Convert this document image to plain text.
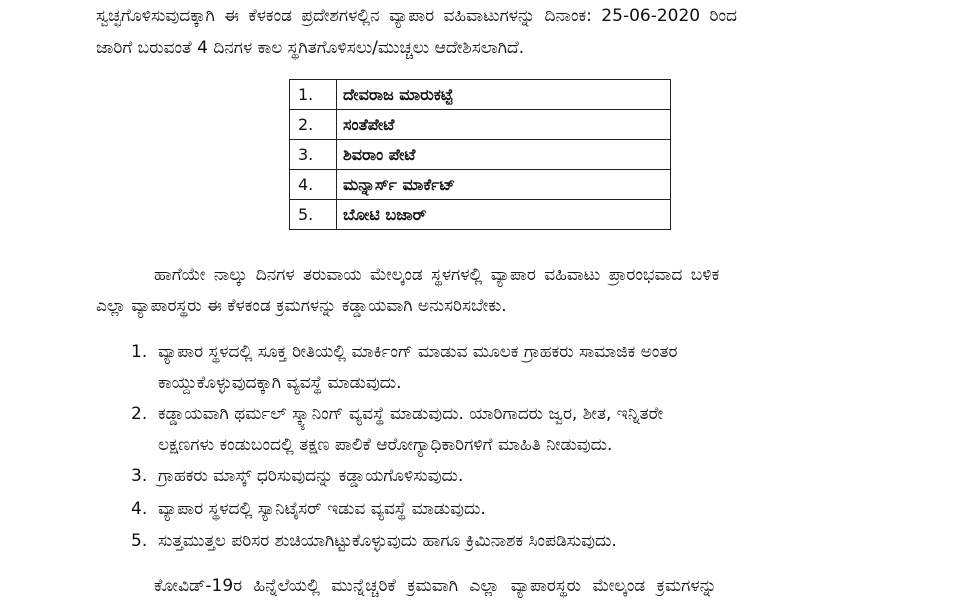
ಸ್ವಚ್ಛಗೊಳಿಸುವುದಕ್ಕಾಗಿ ಈ ಕೆಳಕಂಡ ಪ್ರದೇಶಗಳಲ್ಲಿನ ವ್ಯಾಪಾರ ವಹಿವಾಟುಗಳನ್ನು ದಿನಾಂಕ: 25-06-2020 ರಿಂದ
ಜಾರಿಗೆ ಬರುವಂತೆ 4 ದಿನಗಳ ಕಾಲ ಸ್ಥಗಿತಗೊಳಿಸಲು/ಮುಚ್ಚಲು ಆದೇಶಿಸಲಾಗಿದೆ.
1.	ದೇವರಾಜ ಮಾರುಕಟ್ಟೆ
2.	ಸಂತೆಪೇಟೆ
3.	ಶಿವರಾಂ ಪೇಟೆ
4.	ಮನ್ನಾರ್ಸ್ ಮಾರ್ಕೆಟ್
5.	ಬೋಟಿ ಬಜಾರ್
ಹಾಗೆಯೇ ನಾಲ್ಕು ದಿನಗಳ ತರುವಾಯ ಮೇಲ್ಕಂಡ ಸ್ಥಳಗಳಲ್ಲಿ ವ್ಯಾಪಾರ ವಹಿವಾಟು ಪ್ರಾರಂಭವಾದ ಬಳಿಕ
ಎಲ್ಲಾ ವ್ಯಾಪಾರಸ್ಥರು ಈ ಕೆಳಕಂಡ ಕ್ರಮಗಳನ್ನು ಕಡ್ಡಾಯವಾಗಿ ಅನುಸರಿಸಬೇಕು.
1. ವ್ಯಾಪಾರ ಸ್ಥಳದಲ್ಲಿ ಸೂಕ್ತ ರೀತಿಯಲ್ಲಿ ಮಾರ್ಕಿಂಗ್ ಮಾಡುವ ಮೂಲಕ ಗ್ರಾಹಕರು ಸಾಮಾಜಿಕ ಅಂತರ
ಕಾಯ್ದುಕೊಳ್ಳುವುದಕ್ಕಾಗಿ ವ್ಯವಸ್ಥೆ ಮಾಡುವುದು.
2. ಕಡ್ಡಾಯವಾಗಿ ಥರ್ಮಲ್ ಸ್ಕ್ಯಾನಿಂಗ್ ವ್ಯವಸ್ಥೆ ಮಾಡುವುದು. ಯಾರಿಗಾದರು ಜ್ವರ, ಶೀತ, ಇನ್ನಿತರೇ
ಲಕ್ಷಣಗಳು ಕಂಡುಬಂದಲ್ಲಿ ತಕ್ಷಣ ಪಾಲಿಕೆ ಆರೋಗ್ಯಾಧಿಕಾರಿಗಳಿಗೆ ಮಾಹಿತಿ ನೀಡುವುದು.
3. ಗ್ರಾಹಕರು ಮಾಸ್ಕ್ ಧರಿಸುವುದನ್ನು ಕಡ್ಡಾಯಗೊಳಿಸುವುದು.
4. ವ್ಯಾಪಾರ ಸ್ಥಳದಲ್ಲಿ ಸ್ಯಾನಿಟೈಸರ್ ಇಡುವ ವ್ಯವಸ್ಥೆ ಮಾಡುವುದು.
5. ಸುತ್ತಮುತ್ತಲ ಪರಿಸರ ಶುಚಿಯಾಗಿಟ್ಟುಕೊಳ್ಳುವುದು ಹಾಗೂ ಕ್ರಿಮಿನಾಶಕ ಸಿಂಪಡಿಸುವುದು.
ಕೋವಿಡ್-19ರ ಹಿನ್ನೆಲೆಯಲ್ಲಿ ಮುನ್ನೆಚ್ಚರಿಕೆ ಕ್ರಮವಾಗಿ ಎಲ್ಲಾ ವ್ಯಾಪಾರಸ್ಥರು ಮೇಲ್ಕಂಡ ಕ್ರಮಗಳನ್ನು
